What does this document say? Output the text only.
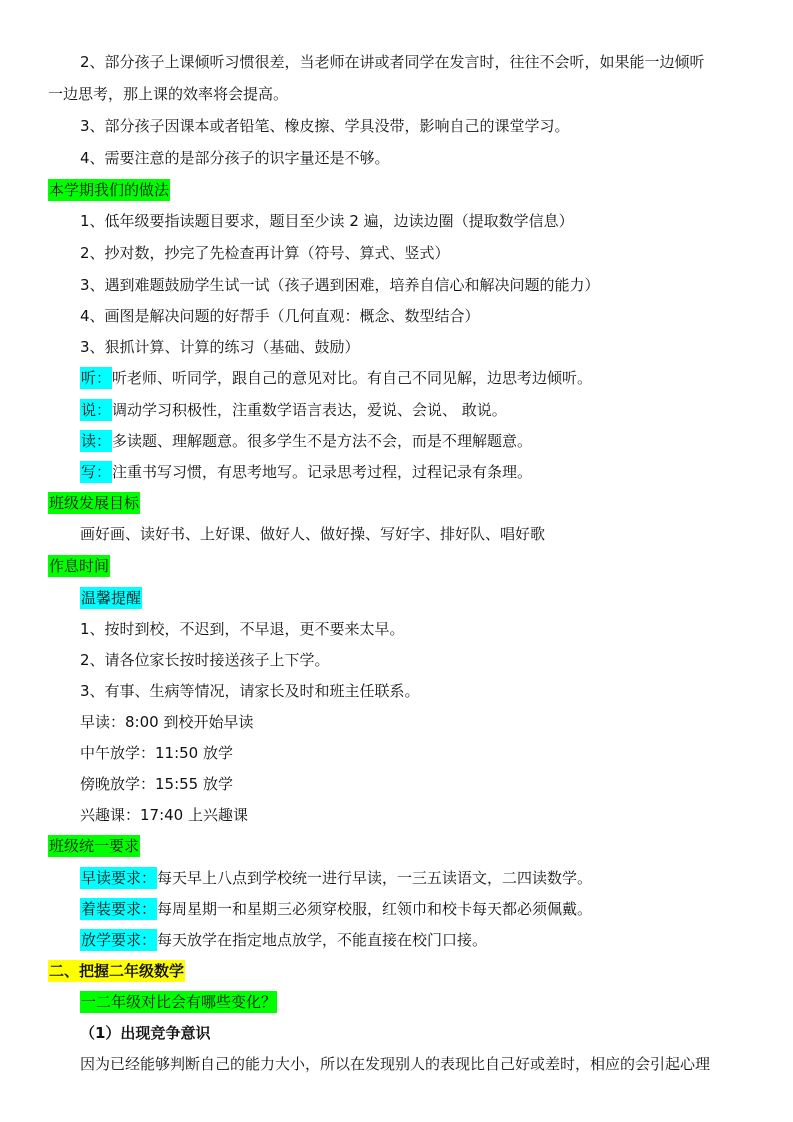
2、部分孩子上课倾听习惯很差，当老师在讲或者同学在发言时，往往不会听，如果能一边倾听
一边思考，那上课的效率将会提高。
3、部分孩子因课本或者铅笔、橡皮擦、学具没带，影响自己的课堂学习。
4、需要注意的是部分孩子的识字量还是不够。
本学期我们的做法
1、低年级要指读题目要求，题目至少读 2 遍，边读边圈（提取数学信息）
2、抄对数，抄完了先检查再计算（符号、算式、竖式）
3、遇到难题鼓励学生试一试（孩子遇到困难，培养自信心和解决问题的能力）
4、画图是解决问题的好帮手（几何直观：概念、数型结合）
3、狠抓计算、计算的练习（基础、鼓励）
听：听老师、听同学，跟自己的意见对比。有自己不同见解，边思考边倾听。
说：调动学习积极性，注重数学语言表达，爱说、会说、 敢说。
读：多读题、理解题意。很多学生不是方法不会，而是不理解题意。
写：注重书写习惯，有思考地写。记录思考过程，过程记录有条理。
班级发展目标
画好画、读好书、上好课、做好人、做好操、写好字、排好队、唱好歌
作息时间
温馨提醒
1、按时到校，不迟到，不早退，更不要来太早。
2、请各位家长按时接送孩子上下学。
3、有事、生病等情况，请家长及时和班主任联系。
早读：8:00 到校开始早读
中午放学：11:50 放学
傍晚放学：15:55 放学
兴趣课：17:40 上兴趣课
班级统一要求
早读要求：每天早上八点到学校统一进行早读，一三五读语文，二四读数学。
着装要求：每周星期一和星期三必须穿校服，红领巾和校卡每天都必须佩戴。
放学要求：每天放学在指定地点放学，不能直接在校门口接。
二、把握二年级数学
一二年级对比会有哪些变化？
（1）出现竞争意识
因为已经能够判断自己的能力大小，所以在发现别人的表现比自己好或差时，相应的会引起心理
